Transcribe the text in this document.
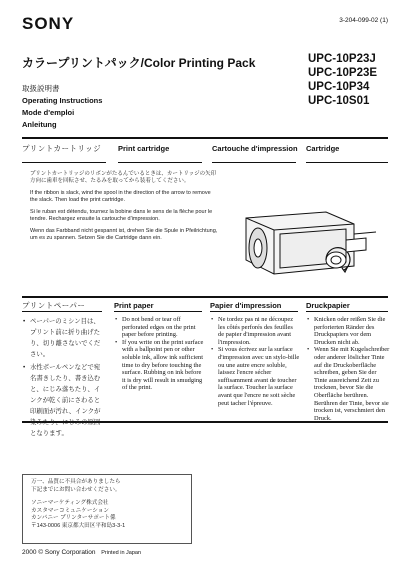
SONY	3-204-099-02 (1)
カラープリントパック/Color Printing Pack	UPC-10P23J
UPC-10P23E
UPC-10P34
UPC-10S01
取扱説明書
Operating Instructions
Mode d'emploi
Anleitung
プリントカートリッジ Print cartridge	Cartouche d'impression	Cartridge
プリントカートリッジのリボンがたるんでいるときは、カートリッジの矢印方向に歯車を回転させ、たるみを取ってから装着してください。
If the ribbon is slack, wind the spool in the direction of the arrow to remove the slack. Then load the print cartridge.
Si le ruban est détendu, tournez la bobine dans le sens de la flèche pour le tendre. Rechargez ensuite la cartouche d'impression.
Wenn das Farbband nicht gespannt ist, drehen Sie die Spule in Pfeilrichtung, um es zu spannen. Setzen Sie die Cartridge dann ein.
プリントペーパー	Print paper	Papier d'impression	Druckpapier
• ペーパーのミシン目は、プリント前に折り曲げたり、切り離さないでください。
• 水性ボールペンなどで宛名書きしたり、書き込むと、にじみ落ちたり、インクが乾く前にさわると印刷面が汚れ、インクが染みたり、にじみの原因となります。
• Do not bend or tear off perforated edges on the print paper before printing.
• If you write on the print surface with a ballpoint pen or other soluble ink, allow ink sufficient time to dry before touching the surface. Rubbing on ink before it is dry will result in smudging of the print.
• Ne tordez pas ni ne découpez les côtés perforés des feuilles de papier d'impression avant l'impression.
• Si vous écrivez sur la surface d'impression avec un stylo-bille ou une autre encre soluble, laissez l'encre sécher suffisamment avant de toucher la surface. Toucher la surface avant que l'encre ne soit sèche peut tacher l'épreuve.
• Knicken oder reißen Sie die perforierten Ränder des Druckpapiers vor dem Drucken nicht ab.
• Wenn Sie mit Kugelschreiber oder anderer löslicher Tinte auf die Druckoberfläche schreiben, geben Sie der Tinte ausreichend Zeit zu trocknen, bevor Sie die Oberfläche berühren. Berühren der Tinte, bevor sie trocken ist, verschmiert den Druck.
万一、品質に不具合がありましたら
下記までにお問い合わせください。
ソニーマーケティング株式会社
カスタマーコミュニケーション
カンパニー プリンターサポート係
〒143-0006 東京都大田区平和島3-3-1
2000 © Sony Corporation Printed in Japan
